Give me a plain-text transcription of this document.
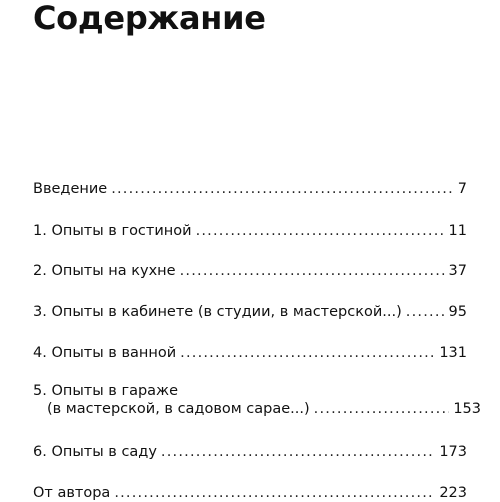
Содержание
Введение .....	7
1. Опыты в гостиной .....	11
2. Опыты на кухне .....	37
3. Опыты в кабинете (в студии, в мастерской...) .....	95
4. Опыты в ванной .....	131
5. Опыты в гараже
(в мастерской, в садовом сарае...) .....	153
6. Опыты в саду .....	173
От автора .....	223
